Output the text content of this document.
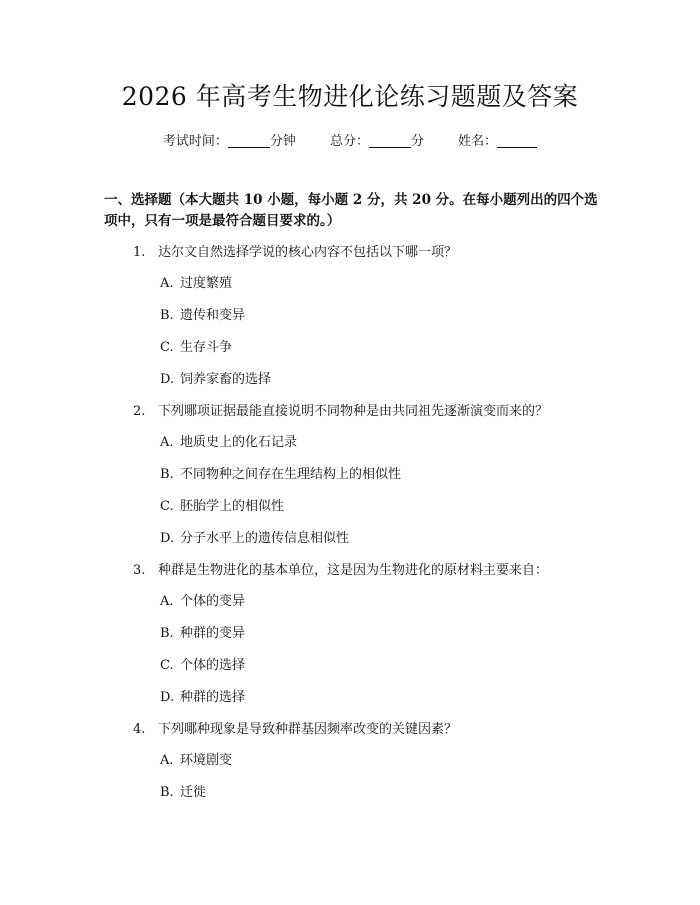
2026 年高考生物进化论练习题题及答案
考试时间：	分钟	总分：	分	姓名：
一、选择题（本大题共 10 小题，每小题 2 分，共 20 分。在每小题列出的四个选项中，只有一项是最符合题目要求的。）
1. 达尔文自然选择学说的核心内容不包括以下哪一项？
A. 过度繁殖
B. 遗传和变异
C. 生存斗争
D. 饲养家畜的选择
2. 下列哪项证据最能直接说明不同物种是由共同祖先逐渐演变而来的？
A. 地质史上的化石记录
B. 不同物种之间存在生理结构上的相似性
C. 胚胎学上的相似性
D. 分子水平上的遗传信息相似性
3. 种群是生物进化的基本单位，这是因为生物进化的原材料主要来自：
A. 个体的变异
B. 种群的变异
C. 个体的选择
D. 种群的选择
4. 下列哪种现象是导致种群基因频率改变的关键因素？
A. 环境剧变
B. 迁徙
